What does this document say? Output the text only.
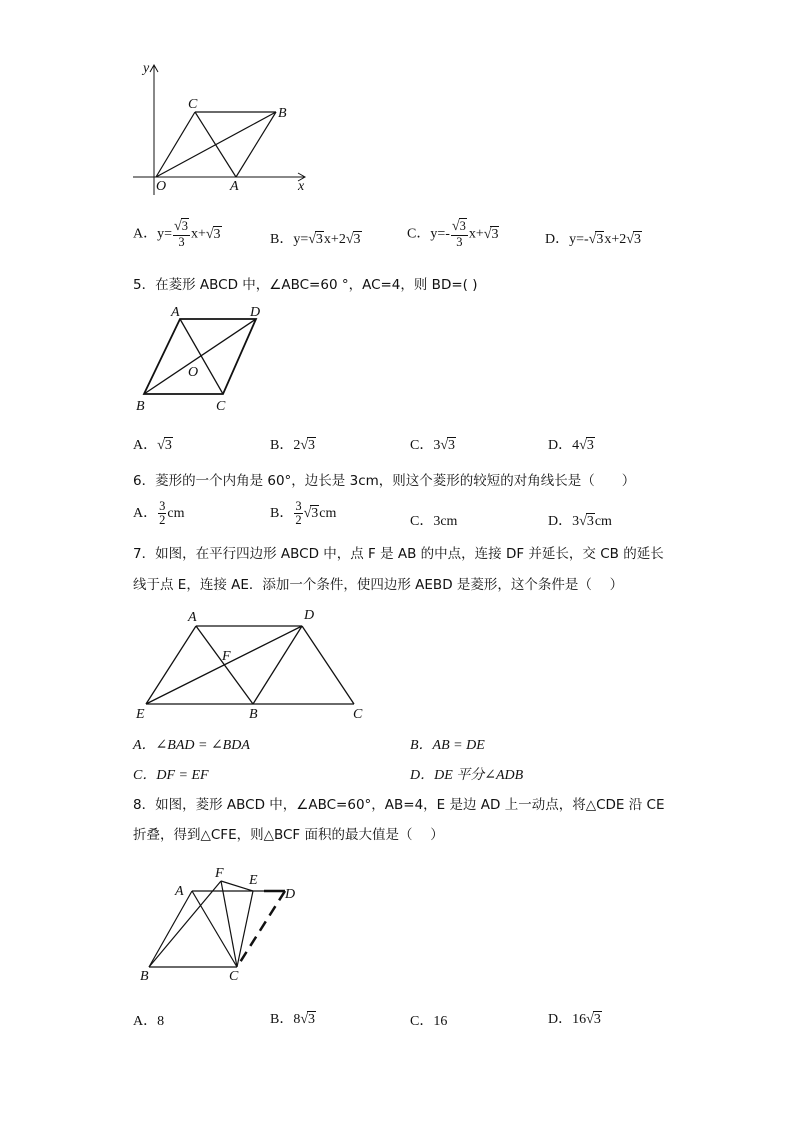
y
x
O	A
C
B
A．$y= \frac{√3}{3} x+√3$	B．y=√3x+2√3	C．$y=- \frac{√3}{3} x+√3$	D．y=-√3x+2√3
5．在菱形 ABCD 中，∠ABC=60 °，AC=4，则 BD=( )
A	D
O
B	C
A．√3	B．2√3	C．3√3	D．4√3
6．菱形的一个内角是 60°，边长是 3cm，则这个菱形的较短的对角线长是（　　）
A． $\frac{3}{2}$ cm	B． $\frac{3}{2} √3cm$
C．3cm	D．3√3cm
7．如图，在平行四边形 ABCD 中，点 F 是 AB 的中点，连接 DF 并延长，交 CB 的延长
线于点 E，连接 AE．添加一个条件，使四边形 AEBD 是菱形，这个条件是（　 ）
A	D
F
E	B	C
A．∠BAD = ∠BDA	B．AB = DE
C．DF = EF	D．DE 平分∠ADB
8．如图，菱形 ABCD 中，∠ABC=60°，AB=4，E 是边 AD 上一动点，将△CDE 沿 CE
折叠，得到△CFE，则△BCF 面积的最大值是（　 ）
F
A
E
D
B	C
A．8	B．8√3	C．16	D．16√3
